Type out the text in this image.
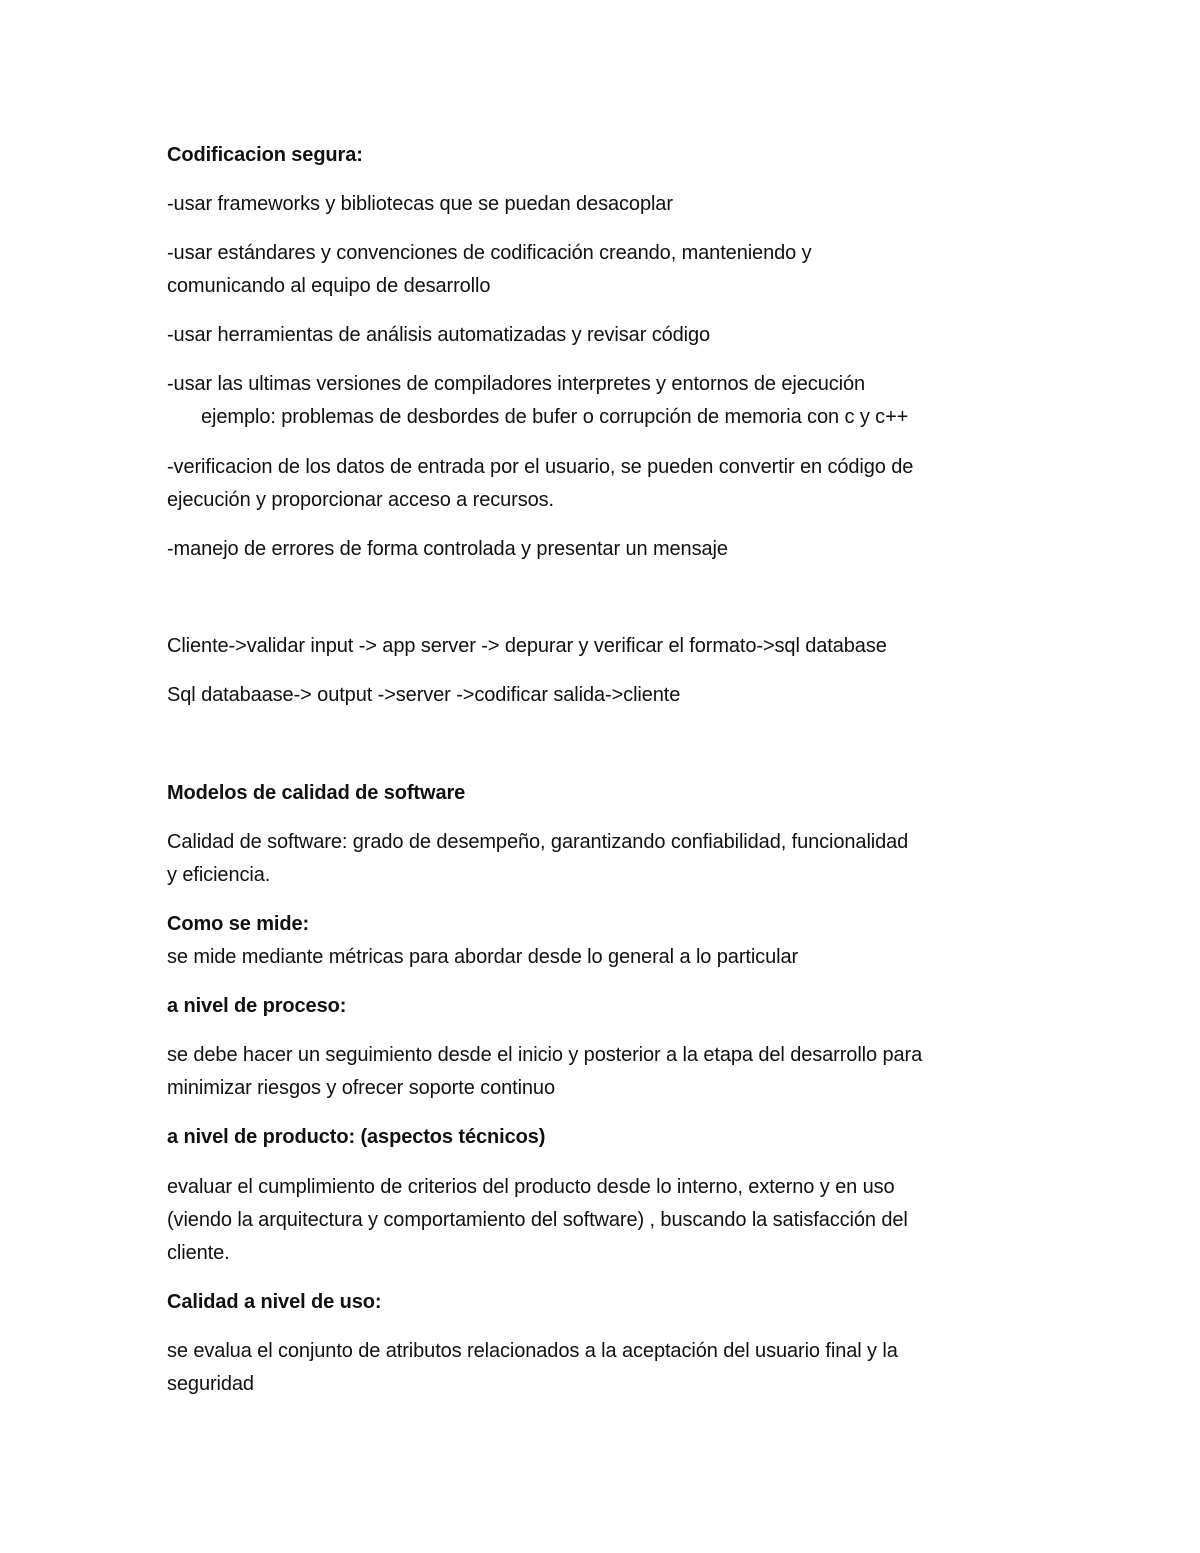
Codificacion segura:
-usar frameworks y bibliotecas que se puedan desacoplar
-usar estándares y convenciones de codificación creando, manteniendo y
comunicando al equipo de desarrollo
-usar herramientas de análisis automatizadas y revisar código
-usar las ultimas versiones de compiladores interpretes y entornos de ejecución
ejemplo: problemas de desbordes de bufer o corrupción de memoria con c y c++
-verificacion de los datos de entrada por el usuario, se pueden convertir en código de
ejecución y proporcionar acceso a recursos.
-manejo de errores de forma controlada y presentar un mensaje
Cliente->validar input -> app server -> depurar y verificar el formato->sql database
Sql databaase-> output ->server ->codificar salida->cliente
Modelos de calidad de software
Calidad de software: grado de desempeño, garantizando confiabilidad, funcionalidad
y eficiencia.
Como se mide:
se mide mediante métricas para abordar desde lo general a lo particular
a nivel de proceso:
se debe hacer un seguimiento desde el inicio y posterior a la etapa del desarrollo para
minimizar riesgos y ofrecer soporte continuo
a nivel de producto: (aspectos técnicos)
evaluar el cumplimiento de criterios del producto desde lo interno, externo y en uso
(viendo la arquitectura y comportamiento del software) , buscando la satisfacción del
cliente.
Calidad a nivel de uso:
se evalua el conjunto de atributos relacionados a la aceptación del usuario final y la
seguridad
